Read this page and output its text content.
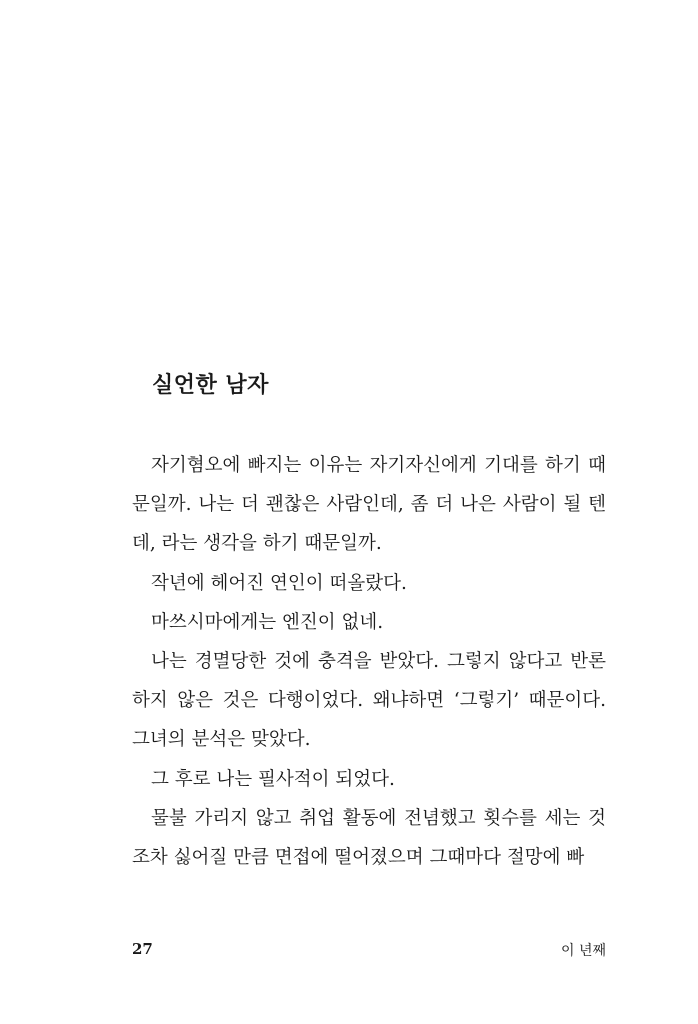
실언한 남자

자기혐오에 빠지는 이유는 자기자신에게 기대를 하기 때문일까. 나는 더 괜찮은 사람인데, 좀 더 나은 사람이 될 텐데, 라는 생각을 하기 때문일까.

작년에 헤어진 연인이 떠올랐다.

마쓰시마에게는 엔진이 없네.

나는 경멸당한 것에 충격을 받았다. 그렇지 않다고 반론하지 않은 것은 다행이었다. 왜냐하면 ‘그렇기’ 때문이다. 그녀의 분석은 맞았다.

그 후로 나는 필사적이 되었다.

물불 가리지 않고 취업 활동에 전념했고 횟수를 세는 것조차 싫어질 만큼 면접에 떨어졌으며 그때마다 절망에 빠

27	이 년째
